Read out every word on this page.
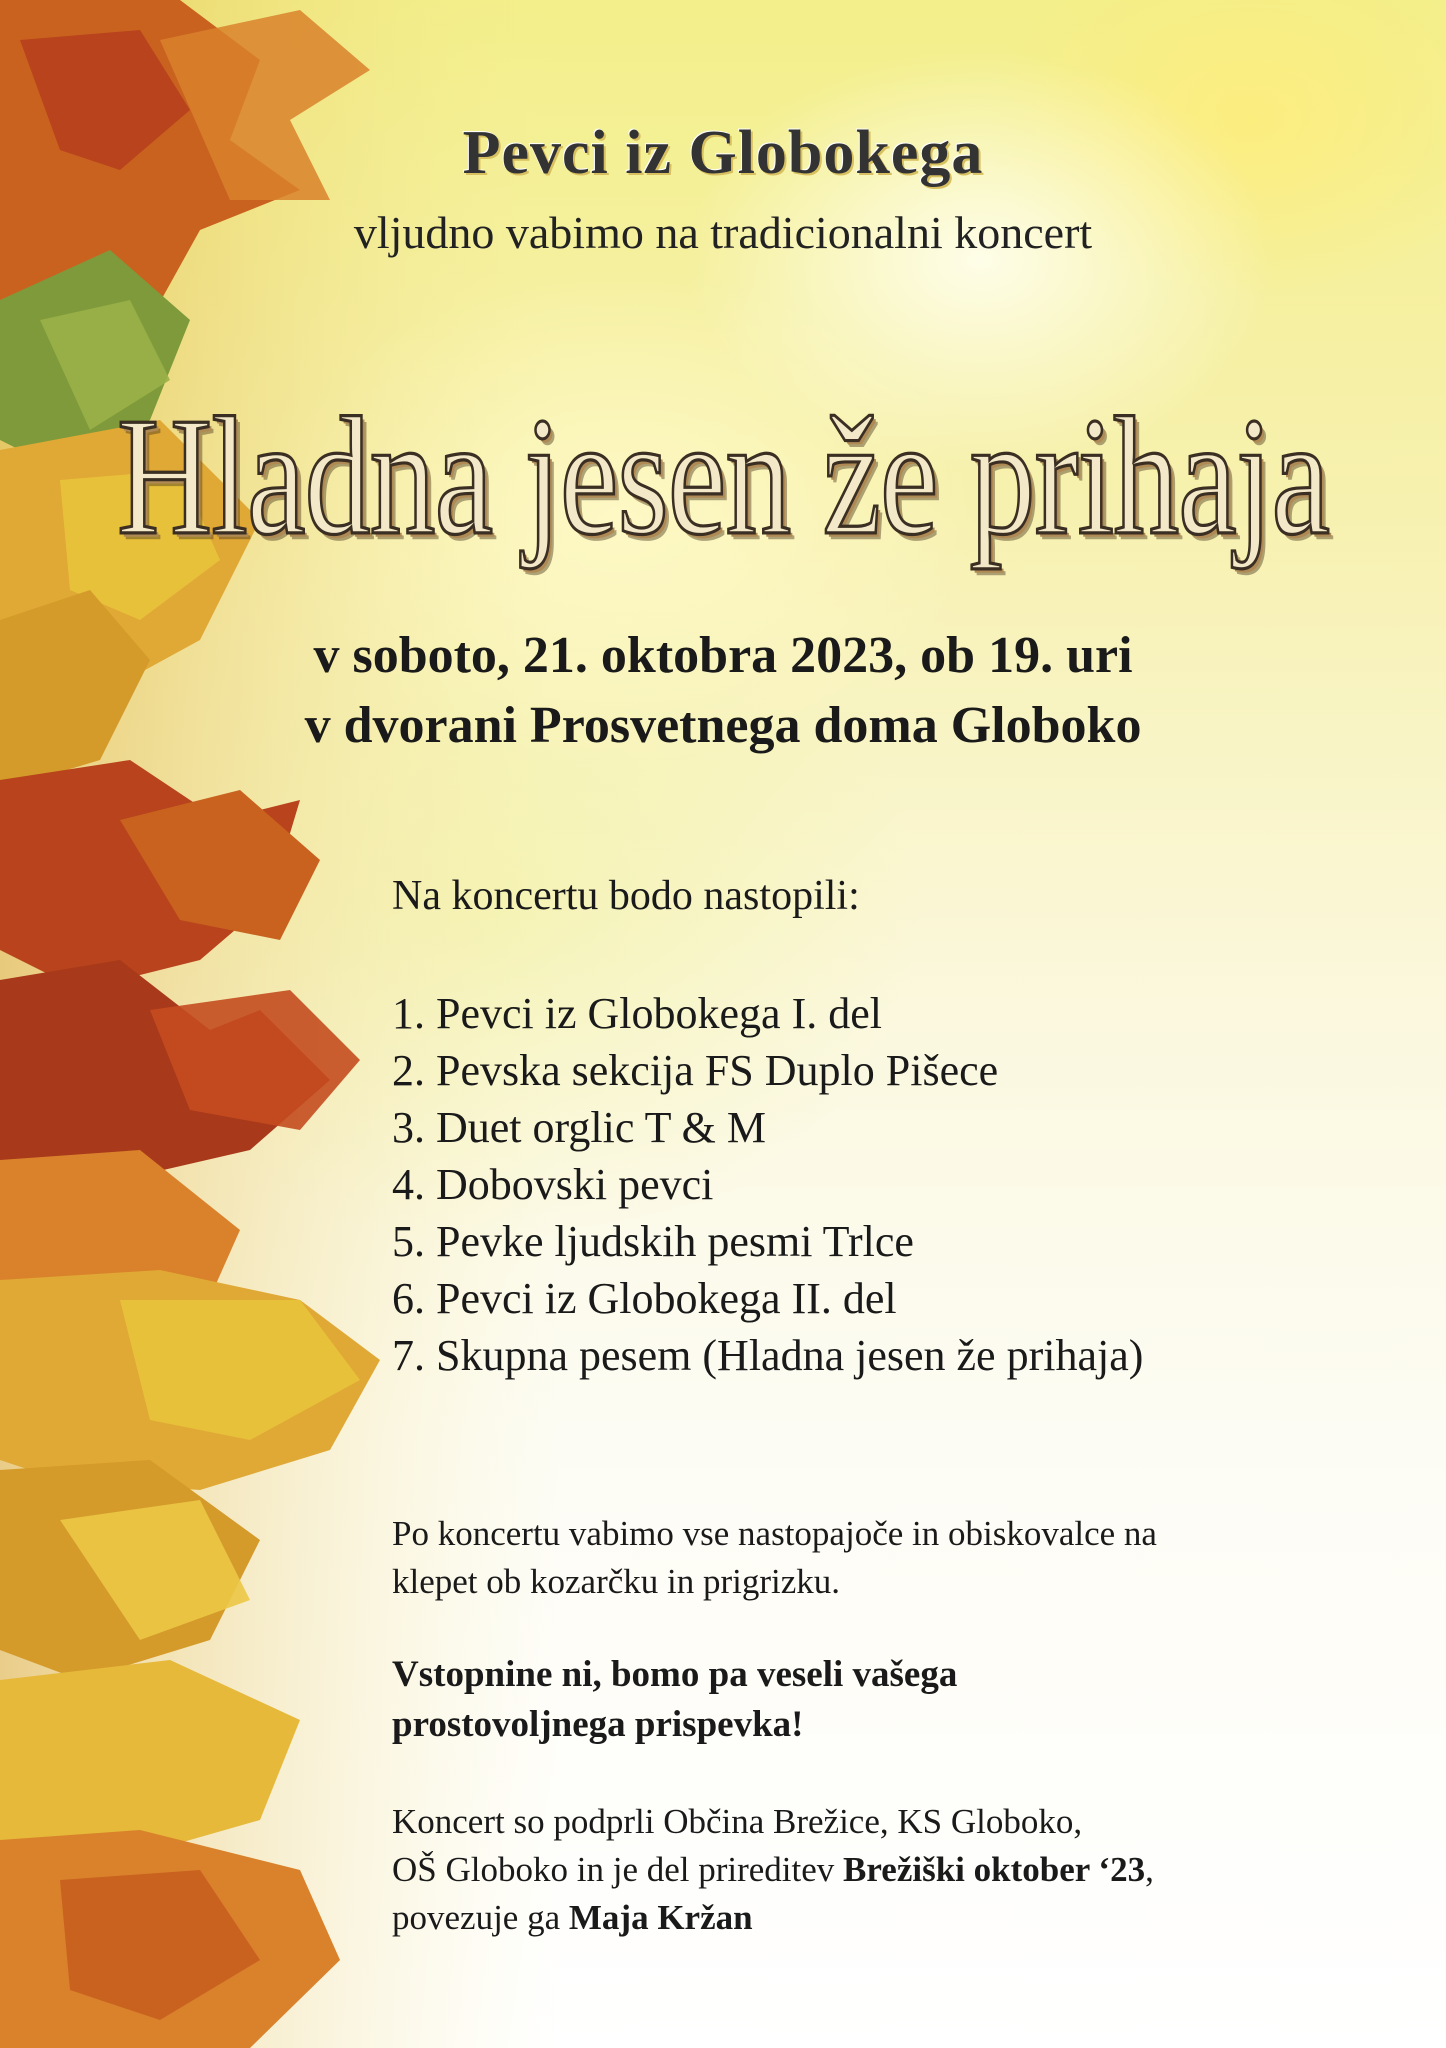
Pevci iz Globokega
vljudno vabimo na tradicionalni koncert
Hladna jesen že prihaja
v soboto, 21. oktobra 2023, ob 19. uri
v dvorani Prosvetnega doma Globoko
Na koncertu bodo nastopili:
1. Pevci iz Globokega I. del
2. Pevska sekcija FS Duplo Pišece
3. Duet orglic T & M
4. Dobovski pevci
5. Pevke ljudskih pesmi Trlce
6. Pevci iz Globokega II. del
7. Skupna pesem (Hladna jesen že prihaja)
Po koncertu vabimo vse nastopajoče in obiskovalce na
klepet ob kozarčku in prigrizku.
Vstopnine ni, bomo pa veseli vašega
prostovoljnega prispevka!
Koncert so podprli Občina Brežice, KS Globoko,
OŠ Globoko in je del prireditev Brežiški oktober ‘23,
povezuje ga Maja Kržan
